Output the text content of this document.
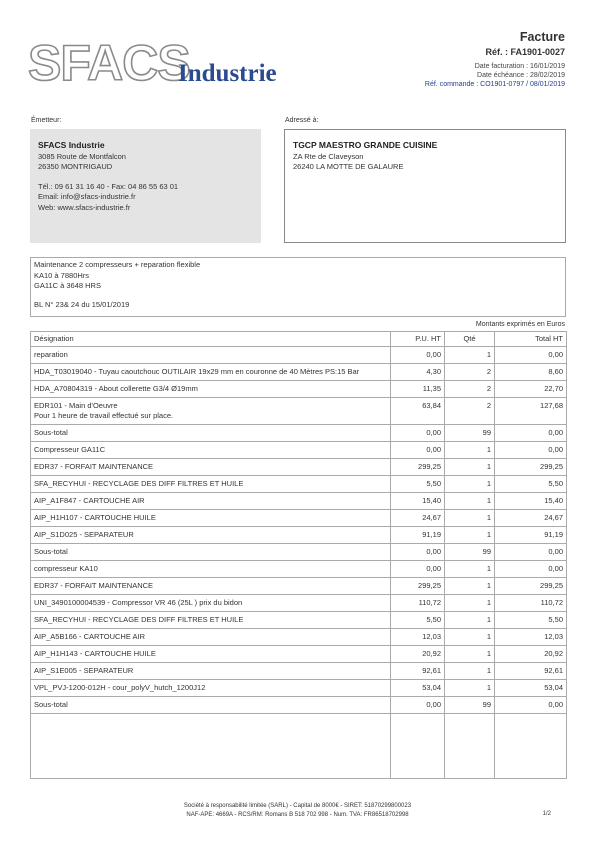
SFACS
Industrie
Facture
Réf. : FA1901-0027
Date facturation : 16/01/2019
Date échéance : 28/02/2019
Réf. commande : CO1901-0797 / 08/01/2019
Émetteur:	Adressé à:
SFACS Industrie
3085 Route de Montfalcon
26350 MONTRIGAUD
Tél.: 09 61 31 16 40 - Fax: 04 86 55 63 01
Email: info@sfacs-industrie.fr
Web: www.sfacs-industrie.fr
TGCP MAESTRO GRANDE CUISINE
ZA Rte de Claveyson
26240 LA MOTTE DE GALAURE
Maintenance 2 compresseurs + reparation flexible
KA10 à 7880Hrs
GA11C à 3648 HRS
BL N° 23& 24 du 15/01/2019
Montants exprimés en Euros
Désignation	P.U. HT	Qté	Total HT
reparation	0,00	1	0,00
HDA_T03019040 - Tuyau caoutchouc OUTILAIR 19x29 mm en couronne de 40 Mètres PS:15 Bar	4,30	2	8,60
HDA_A70804319 - About collerette G3/4 Ø19mm	11,35	2	22,70
EDR101 - Main d'Oeuvre
Pour 1 heure de travail effectué sur place.	63,84	2	127,68
Sous-total	0,00	99	0,00
Compresseur GA11C	0,00	1	0,00
EDR37 - FORFAIT MAINTENANCE	299,25	1	299,25
SFA_RECYHUI - RECYCLAGE DES DIFF FILTRES ET HUILE	5,50	1	5,50
AIP_A1F847 - CARTOUCHE AIR	15,40	1	15,40
AIP_H1H107 - CARTOUCHE HUILE	24,67	1	24,67
AIP_S1D025 - SEPARATEUR	91,19	1	91,19
Sous-total	0,00	99	0,00
compresseur KA10	0,00	1	0,00
EDR37 - FORFAIT MAINTENANCE	299,25	1	299,25
UNI_3490100004539 - Compressor VR 46 (25L ) prix du bidon	110,72	1	110,72
SFA_RECYHUI - RECYCLAGE DES DIFF FILTRES ET HUILE	5,50	1	5,50
AIP_A5B166 - CARTOUCHE AIR	12,03	1	12,03
AIP_H1H143 - CARTOUCHE HUILE	20,92	1	20,92
AIP_S1E005 - SEPARATEUR	92,61	1	92,61
VPL_PVJ-1200-012H - cour_polyV_hutch_1200J12	53,04	1	53,04
Sous-total	0,00	99	0,00

Société à responsabilité limitée (SARL) - Capital de 8000€ - SIRET: 51870299800023
NAF-APE: 4669A - RCS/RM: Romans B 518 702 998 - Num. TVA: FR86518702998	1/2
